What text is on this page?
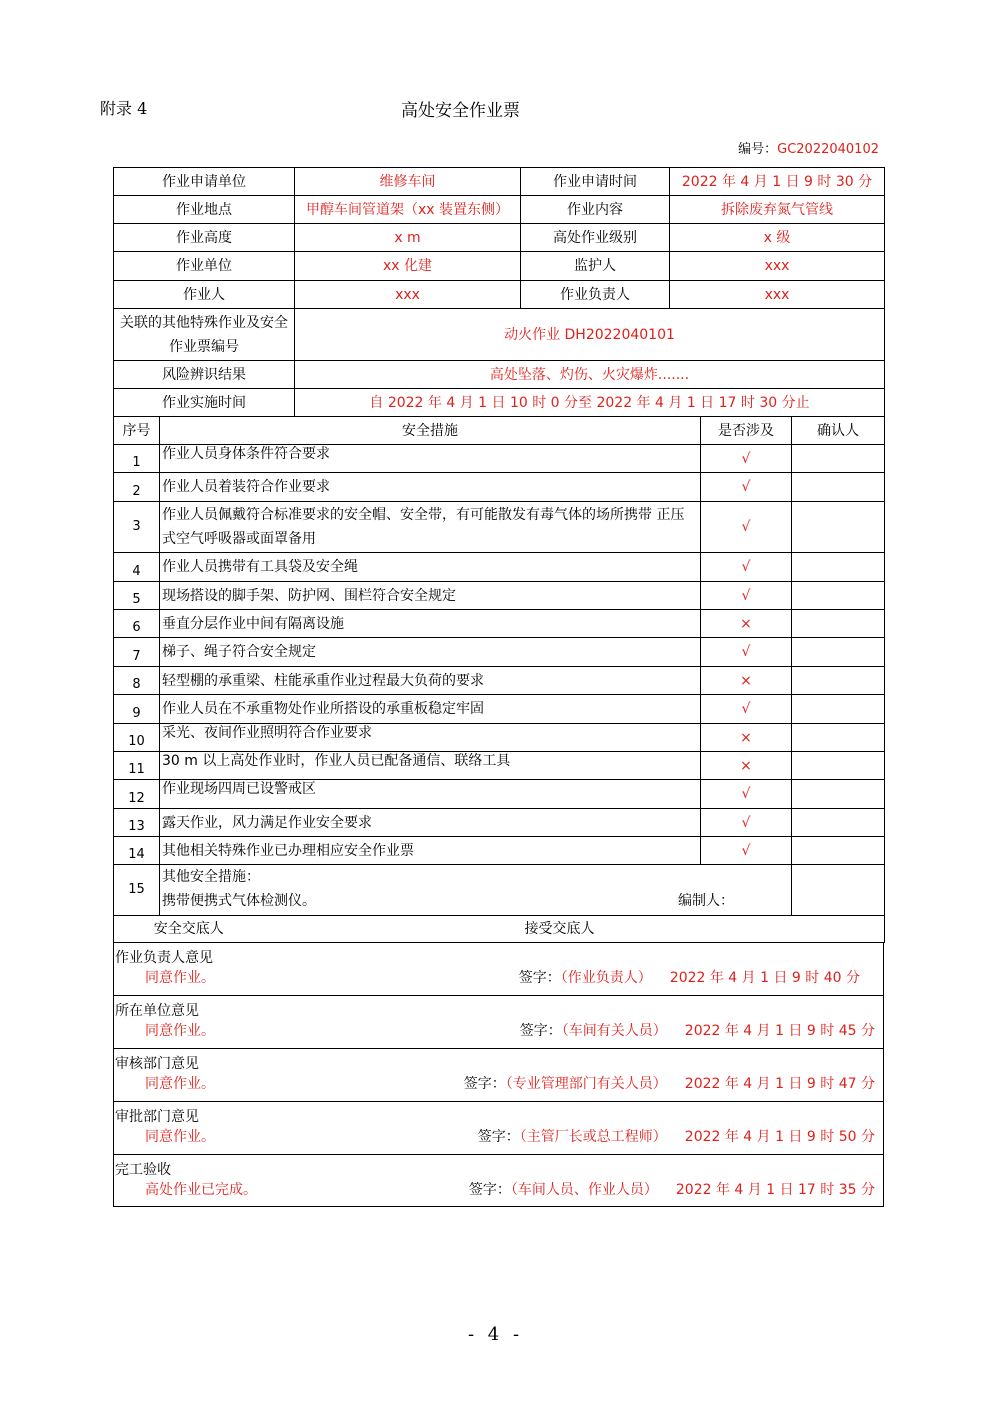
附录 4	高处安全作业票
编号：GC2022040102
作业申请单位	维修车间	作业申请时间	2022 年 4 月 1 日 9 时 30 分
作业地点	甲醇车间管道架（xx 装置东侧）	作业内容	拆除废弃氮气管线
作业高度	x m	高处作业级别	x 级
作业单位	xx 化建	监护人	xxx
作业人	xxx	作业负责人	xxx
关联的其他特殊作业及安全作业票编号	动火作业 DH2022040101		
风险辨识结果	高处坠落、灼伤、火灾爆炸.......		
作业实施时间	自 2022 年 4 月 1 日 10 时 0 分至 2022 年 4 月 1 日 17 时 30 分止		
序号	安全措施	是否涉及	确认人
1	作业人员身体条件符合要求	√	
2	作业人员着装符合作业要求	√	
3	作业人员佩戴符合标准要求的安全帽、安全带，有可能散发有毒气体的场所携带 正压式空气呼吸器或面罩备用	√	
4	作业人员携带有工具袋及安全绳	√	
5	现场搭设的脚手架、防护网、围栏符合安全规定	√	
6	垂直分层作业中间有隔离设施	×	
7	梯子、绳子符合安全规定	√	
8	轻型棚的承重梁、柱能承重作业过程最大负荷的要求	×	
9	作业人员在不承重物处作业所搭设的承重板稳定牢固	√	
10	采光、夜间作业照明符合作业要求	×	
11	30 m 以上高处作业时，作业人员已配备通信、联络工具	×	
12	作业现场四周已设警戒区	√	
13	露天作业，风力满足作业安全要求	√	
14	其他相关特殊作业已办理相应安全作业票	√	
15	其他安全措施：
携带便携式气体检测仪。 编制人：		

安全交底人	接受交底人
作业负责人意见
同意作业。	签字：（作业负责人） 2022 年 4 月 1 日 9 时 40 分
所在单位意见
同意作业。	签字：（车间有关人员） 2022 年 4 月 1 日 9 时 45 分
审核部门意见
同意作业。	签字：（专业管理部门有关人员） 2022 年 4 月 1 日 9 时 47 分
审批部门意见
同意作业。	签字：（主管厂长或总工程师） 2022 年 4 月 1 日 9 时 50 分
完工验收
高处作业已完成。	签字：（车间人员、作业人员） 2022 年 4 月 1 日 17 时 35 分
- 4 -
